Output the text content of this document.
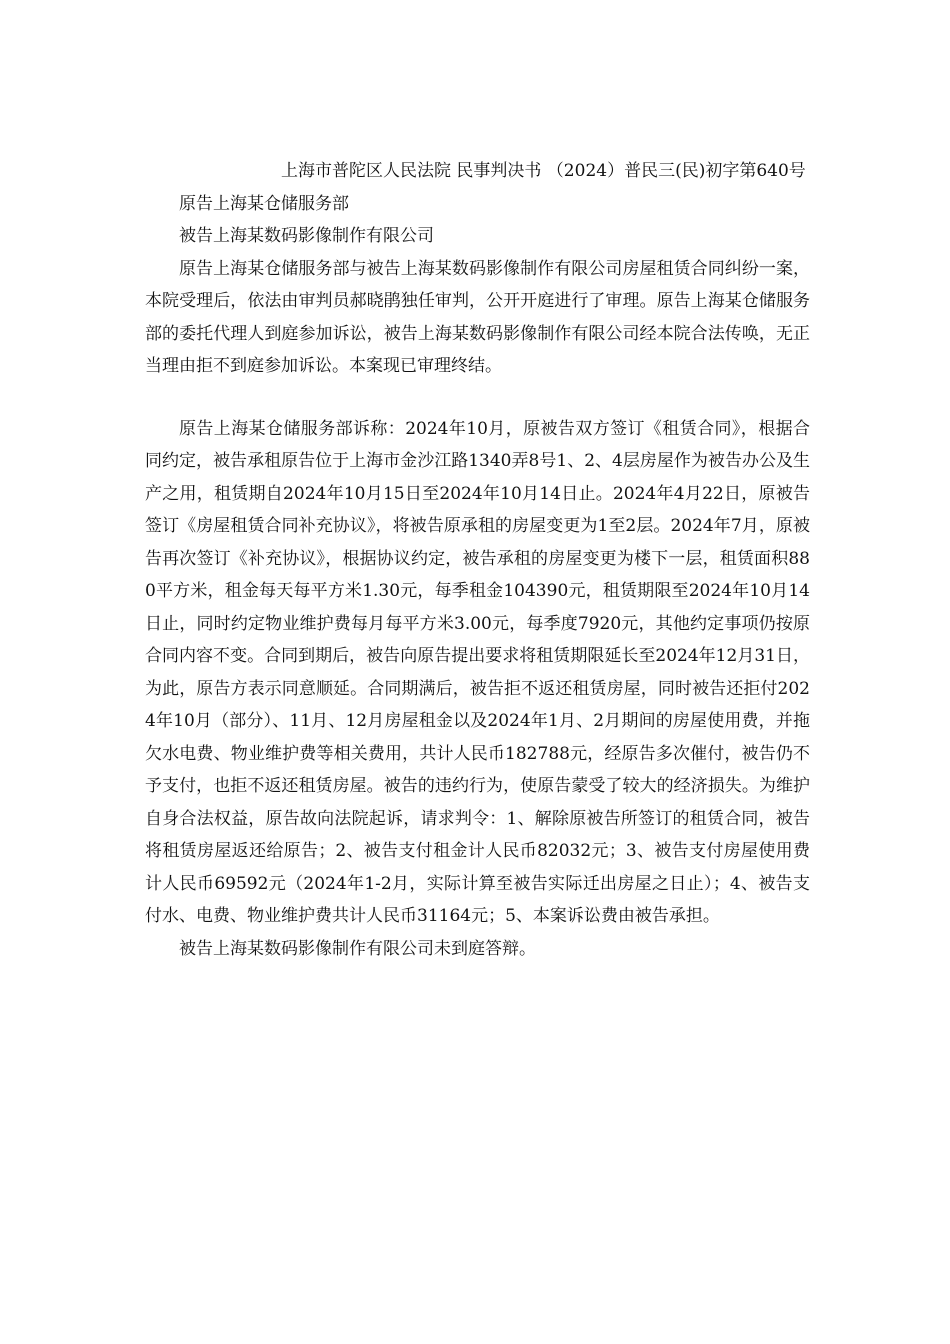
上海市普陀区人民法院 民事判决书 （2024）普民三(民)初字第640号

原告上海某仓储服务部

被告上海某数码影像制作有限公司

原告上海某仓储服务部与被告上海某数码影像制作有限公司房屋租赁合同纠纷一案，本院受理后，依法由审判员郝晓鹃独任审判，公开开庭进行了审理。原告上海某仓储服务部的委托代理人到庭参加诉讼，被告上海某数码影像制作有限公司经本院合法传唤，无正当理由拒不到庭参加诉讼。本案现已审理终结。

原告上海某仓储服务部诉称：2024年10月，原被告双方签订《租赁合同》，根据合同约定，被告承租原告位于上海市金沙江路1340弄8号1、2、4层房屋作为被告办公及生产之用，租赁期自2024年10月15日至2024年10月14日止。2024年4月22日，原被告签订《房屋租赁合同补充协议》，将被告原承租的房屋变更为1至2层。2024年7月，原被告再次签订《补充协议》，根据协议约定，被告承租的房屋变更为楼下一层，租赁面积880平方米，租金每天每平方米1.30元，每季租金104390元，租赁期限至2024年10月14日止，同时约定物业维护费每月每平方米3.00元，每季度7920元，其他约定事项仍按原合同内容不变。合同到期后，被告向原告提出要求将租赁期限延长至2024年12月31日，为此，原告方表示同意顺延。合同期满后，被告拒不返还租赁房屋，同时被告还拒付2024年10月（部分）、11月、12月房屋租金以及2024年1月、2月期间的房屋使用费，并拖欠水电费、物业维护费等相关费用，共计人民币182788元，经原告多次催付，被告仍不予支付，也拒不返还租赁房屋。被告的违约行为，使原告蒙受了较大的经济损失。为维护自身合法权益，原告故向法院起诉，请求判令：1、解除原被告所签订的租赁合同，被告将租赁房屋返还给原告；2、被告支付租金计人民币82032元；3、被告支付房屋使用费计人民币69592元（2024年1-2月，实际计算至被告实际迁出房屋之日止）；4、被告支付水、电费、物业维护费共计人民币31164元；5、本案诉讼费由被告承担。

被告上海某数码影像制作有限公司未到庭答辩。
